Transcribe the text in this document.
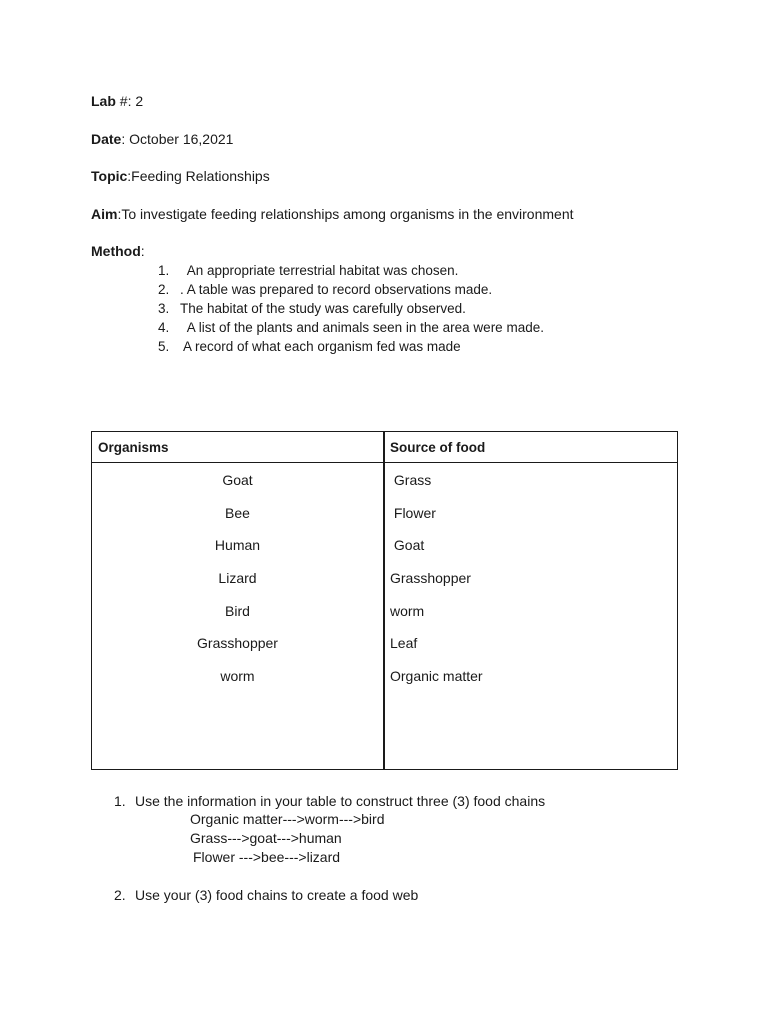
Lab #: 2
Date: October 16,2021
Topic:Feeding Relationships
Aim:To investigate feeding relationships among organisms in the environment
Method:
1.  An appropriate terrestrial habitat was chosen.
2. . A table was prepared to record observations made.
3. The habitat of the study was carefully observed.
4.  A list of the plants and animals seen in the area were made.
5. A record of what each organism fed was made
Organisms	Source of food
Goat	Grass
Bee	Flower
Human	Goat
Lizard	Grasshopper
Bird	worm
Grasshopper	Leaf
worm	Organic matter
1. Use the information in your table to construct three (3) food chains
Organic matter--->worm--->bird
Grass--->goat--->human
Flower --->bee--->lizard
2. Use your (3) food chains to create a food web
